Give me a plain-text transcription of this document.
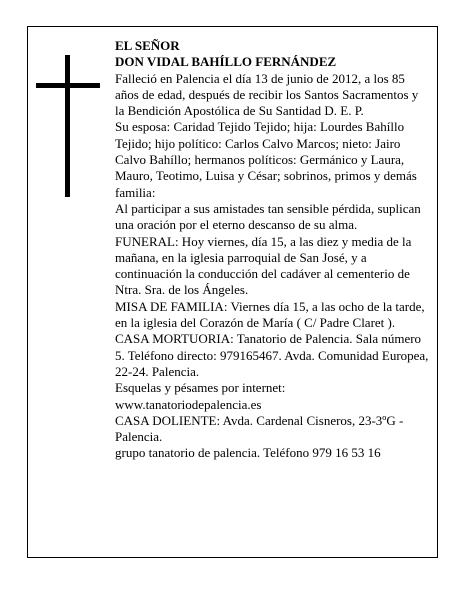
EL SEÑOR

DON VIDAL BAHÍLLO FERNÁNDEZ

Falleció en Palencia el día 13 de junio de 2012, a los 85 años de edad, después de recibir los Santos Sacramentos y la Bendición Apostólica de Su Santidad D. E. P.

Su esposa: Caridad Tejido Tejido; hija: Lourdes Bahíllo Tejido; hijo político: Carlos Calvo Marcos; nieto: Jairo Calvo Bahíllo; hermanos políticos: Germánico y Laura, Mauro, Teotimo, Luisa y César; sobrinos, primos y demás familia:

Al participar a sus amistades tan sensible pérdida, suplican una oración por el eterno descanso de su alma.

FUNERAL: Hoy viernes, día 15, a las diez y media de la mañana, en la iglesia parroquial de San José, y a continuación la conducción del cadáver al cementerio de Ntra. Sra. de los Ángeles.

MISA DE FAMILIA: Viernes día 15, a las ocho de la tarde, en la iglesia del Corazón de María ( C/ Padre Claret ).

CASA MORTUORIA: Tanatorio de Palencia. Sala número 5. Teléfono directo: 979165467. Avda. Comunidad Europea, 22-24. Palencia.

Esquelas y pésames por internet: www.tanatoriodepalencia.es

CASA DOLIENTE: Avda. Cardenal Cisneros, 23-3ºG - Palencia.

grupo tanatorio de palencia. Teléfono 979 16 53 16
